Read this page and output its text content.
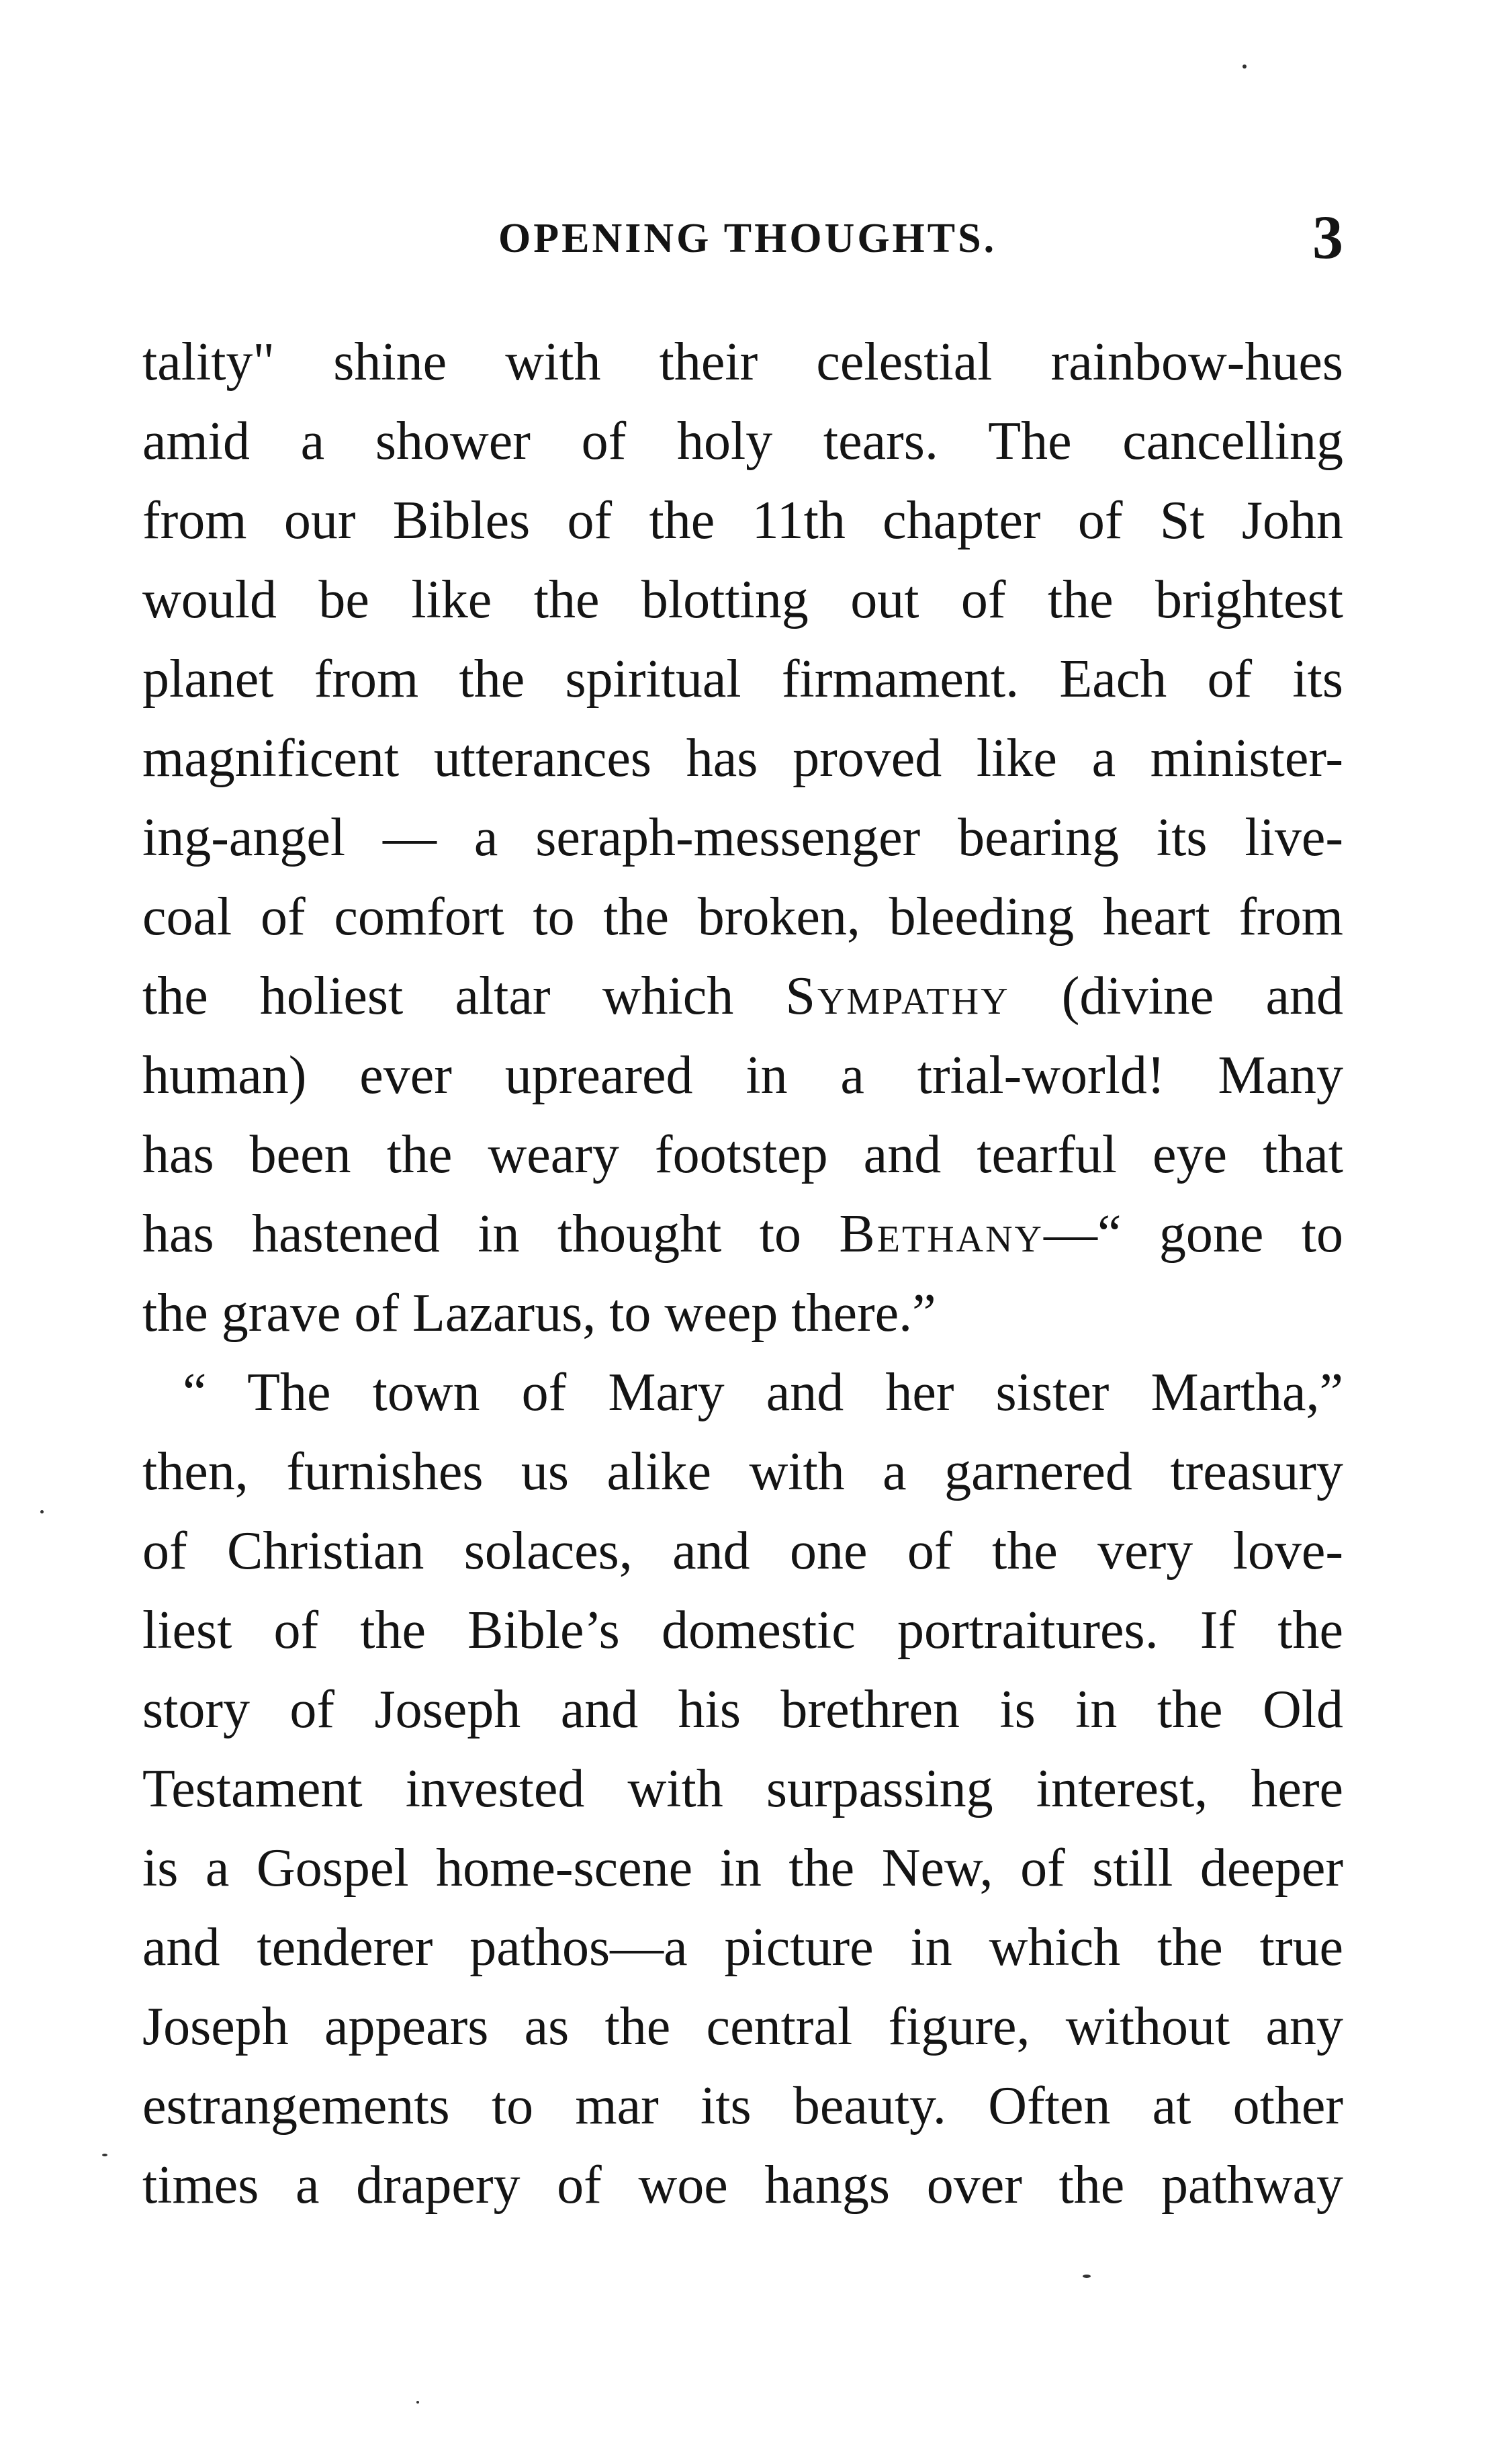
OPENING THOUGHTS.	3
tality" shine with their celestial rainbow-hues
amid a shower of holy tears. The cancelling
from our Bibles of the 11th chapter of St John
would be like the blotting out of the brightest
planet from the spiritual firmament. Each of its
magnificent utterances has proved like a minister-
ing-angel — a seraph-messenger bearing its live-
coal of comfort to the broken, bleeding heart from
the holiest altar which Sympathy (divine and
human) ever upreared in a trial-world! Many
has been the weary footstep and tearful eye that
has hastened in thought to Bethany—“ gone to
the grave of Lazarus, to weep there.”
“ The town of Mary and her sister Martha,”
then, furnishes us alike with a garnered treasury
of Christian solaces, and one of the very love-
liest of the Bible’s domestic portraitures. If the
story of Joseph and his brethren is in the Old
Testament invested with surpassing interest, here
is a Gospel home-scene in the New, of still deeper
and tenderer pathos—a picture in which the true
Joseph appears as the central figure, without any
estrangements to mar its beauty. Often at other
times a drapery of woe hangs over the pathway
